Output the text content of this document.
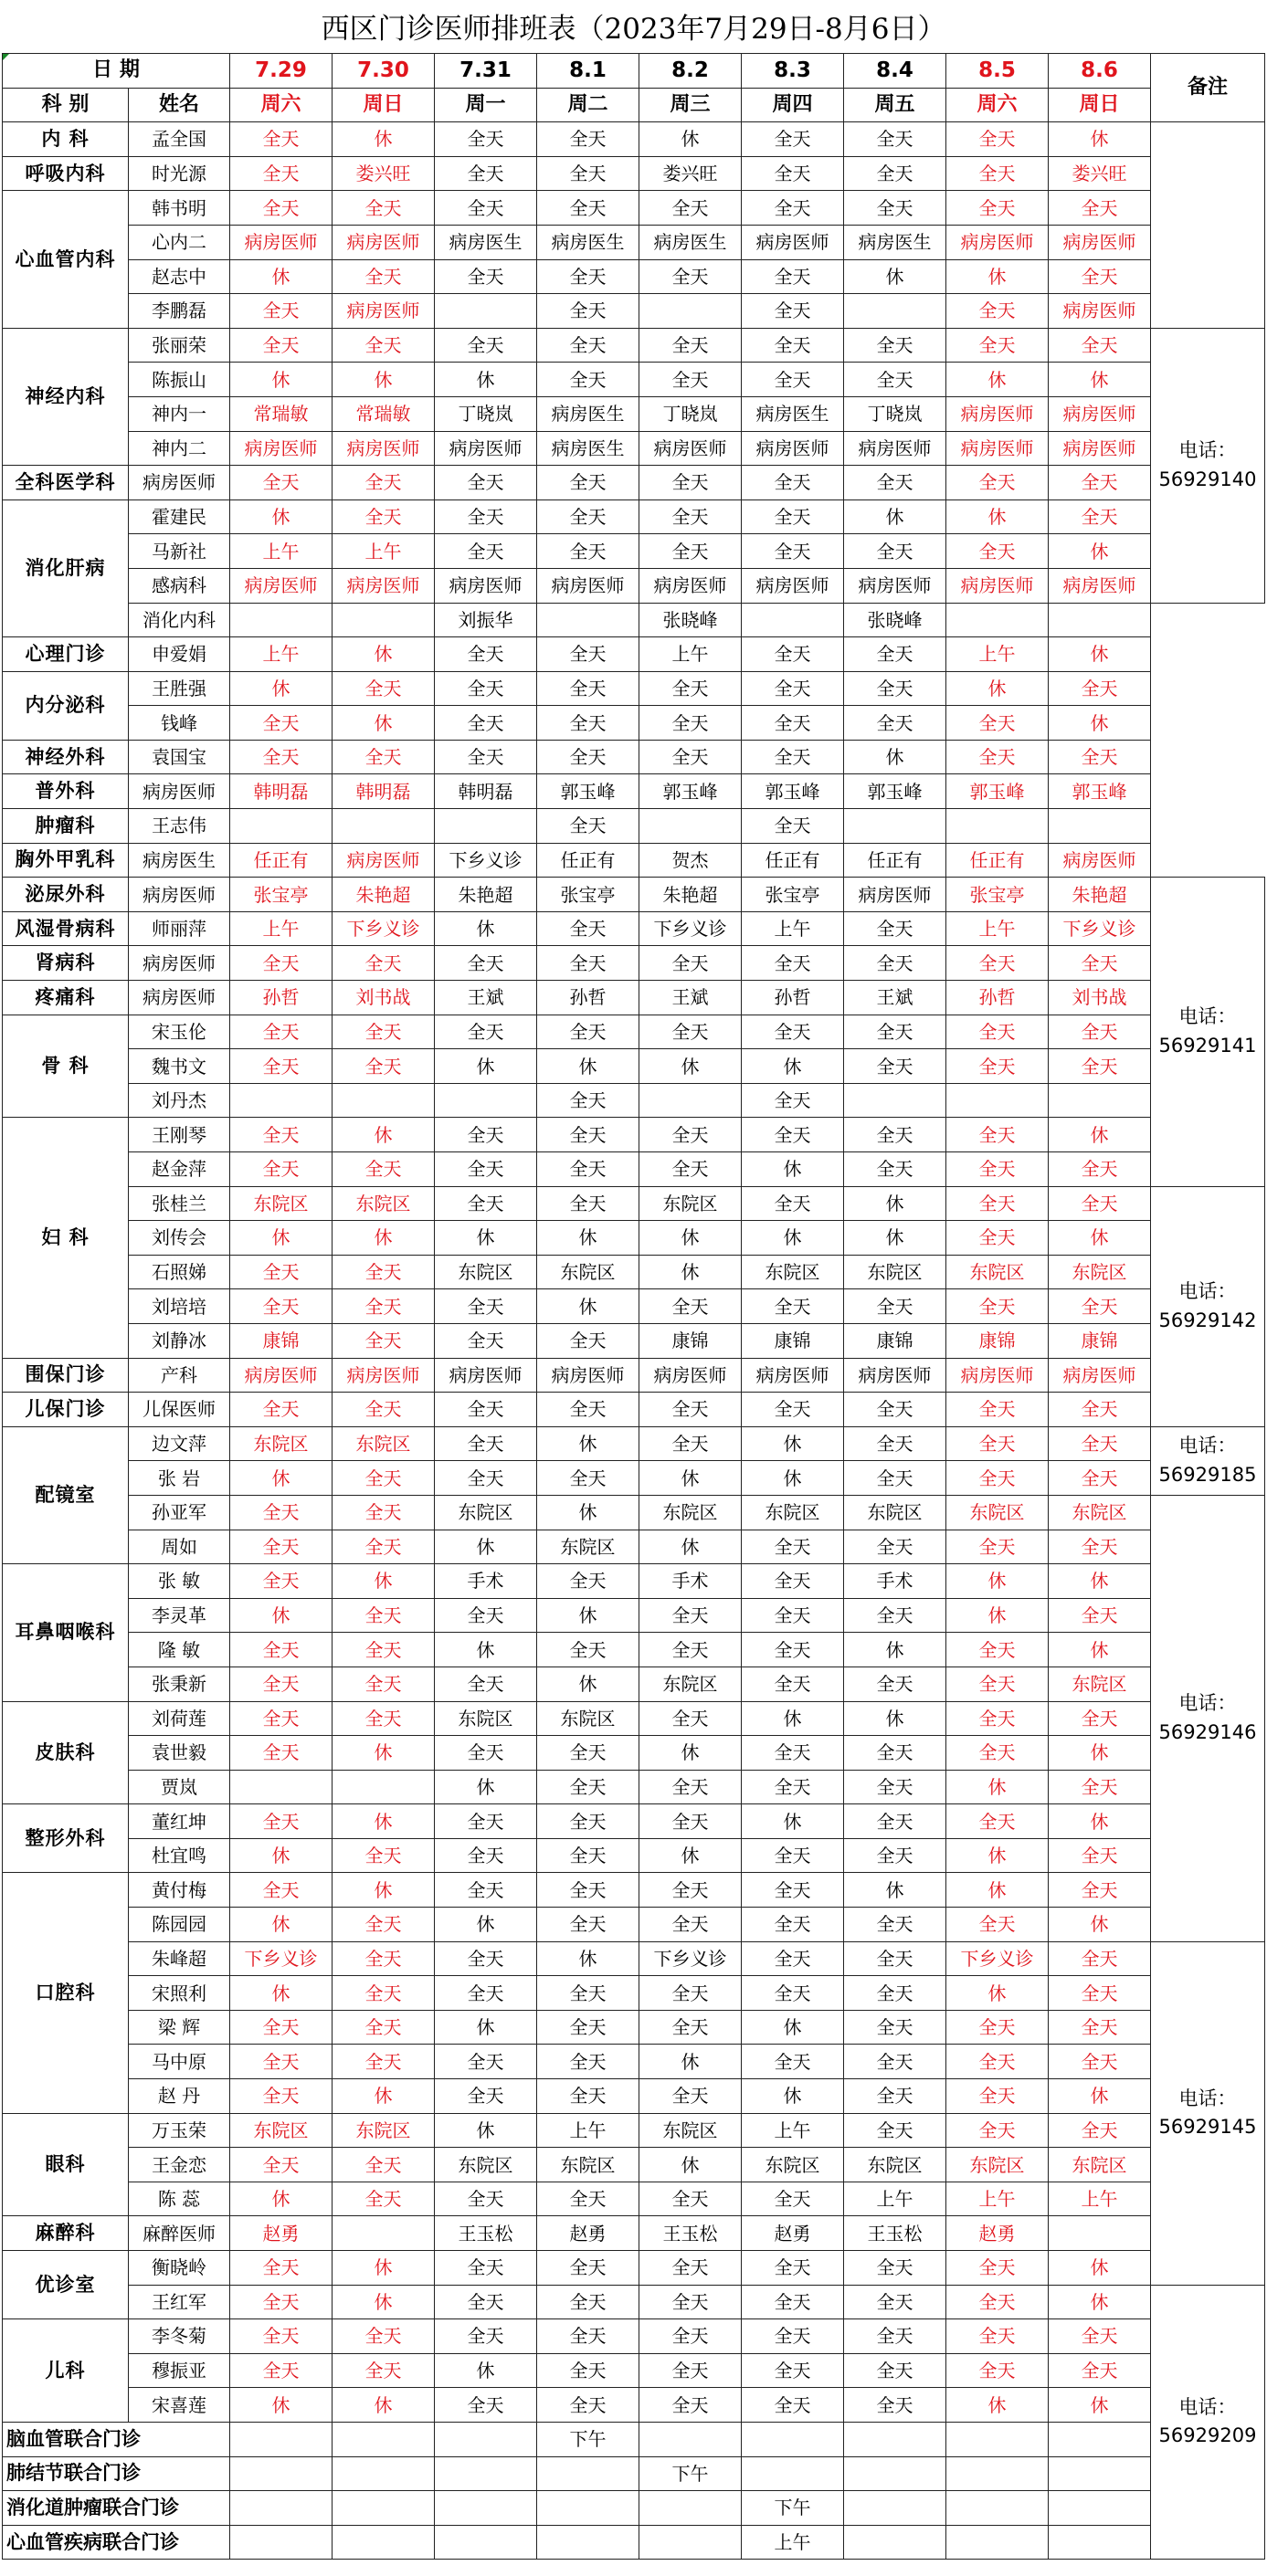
西区门诊医师排班表（2023年7月29日-8月6日）
日 期		7.29	7.30	7.31	8.1	8.2	8.3	8.4	8.5	8.6	备注
科 别	姓名	周六	周日	周一	周二	周三	周四	周五	周六	周日	
内 科	孟全国	全天	休	全天	全天	休	全天	全天	全天	休	
呼吸内科	时光源	全天	娄兴旺	全天	全天	娄兴旺	全天	全天	全天	娄兴旺	
心血管内科	韩书明	全天	全天	全天	全天	全天	全天	全天	全天	全天	
	心内二	病房医师	病房医师	病房医生	病房医生	病房医生	病房医师	病房医生	病房医师	病房医师	
	赵志中	休	全天	全天	全天	全天	全天	休	休	全天	
	李鹏磊	全天	病房医师		全天		全天		全天	病房医师	
神经内科	张丽荣	全天	全天	全天	全天	全天	全天	全天	全天	全天	电话：56929140
	陈振山	休	休	休	全天	全天	全天	全天	休	休	
	神内一	常瑞敏	常瑞敏	丁晓岚	病房医生	丁晓岚	病房医生	丁晓岚	病房医师	病房医师	
	神内二	病房医师	病房医师	病房医师	病房医生	病房医师	病房医师	病房医师	病房医师	病房医师	
全科医学科	病房医师	全天	全天	全天	全天	全天	全天	全天	全天	全天	
消化肝病	霍建民	休	全天	全天	全天	全天	全天	休	休	全天	
	马新社	上午	上午	全天	全天	全天	全天	全天	全天	休	
	感病科	病房医师	病房医师	病房医师	病房医师	病房医师	病房医师	病房医师	病房医师	病房医师	
	消化内科			刘振华		张晓峰		张晓峰			
心理门诊	申爱娟	上午	休	全天	全天	上午	全天	全天	上午	休	
内分泌科	王胜强	休	全天	全天	全天	全天	全天	全天	休	全天	
	钱峰	全天	休	全天	全天	全天	全天	全天	全天	休	
神经外科	袁国宝	全天	全天	全天	全天	全天	全天	休	全天	全天	
普外科	病房医师	韩明磊	韩明磊	韩明磊	郭玉峰	郭玉峰	郭玉峰	郭玉峰	郭玉峰	郭玉峰	
肿瘤科	王志伟				全天		全天				
胸外甲乳科	病房医生	任正有	病房医师	下乡义诊	任正有	贺杰	任正有	任正有	任正有	病房医师	
泌尿外科	病房医师	张宝亭	朱艳超	朱艳超	张宝亭	朱艳超	张宝亭	病房医师	张宝亭	朱艳超	电话：56929141
风湿骨病科	师丽萍	上午	下乡义诊	休	全天	下乡义诊	上午	全天	上午	下乡义诊	
肾病科	病房医师	全天	全天	全天	全天	全天	全天	全天	全天	全天	
疼痛科	病房医师	孙哲	刘书战	王斌	孙哲	王斌	孙哲	王斌	孙哲	刘书战	
骨 科	宋玉伦	全天	全天	全天	全天	全天	全天	全天	全天	全天	
	魏书文	全天	全天	休	休	休	休	全天	全天	全天	
	刘丹杰				全天		全天				
妇 科	王刚琴	全天	休	全天	全天	全天	全天	全天	全天	休	
	赵金萍	全天	全天	全天	全天	全天	休	全天	全天	全天	
	张桂兰	东院区	东院区	全天	全天	东院区	全天	休	全天	全天	电话：56929142
	刘传会	休	休	休	休	休	休	休	全天	休	
	石照娣	全天	全天	东院区	东院区	休	东院区	东院区	东院区	东院区	
	刘培培	全天	全天	全天	休	全天	全天	全天	全天	全天	
	刘静冰	康锦	全天	全天	全天	康锦	康锦	康锦	康锦	康锦	
围保门诊	产科	病房医师	病房医师	病房医师	病房医师	病房医师	病房医师	病房医师	病房医师	病房医师	
儿保门诊	儿保医师	全天	全天	全天	全天	全天	全天	全天	全天	全天	
配镜室	边文萍	东院区	东院区	全天	休	全天	休	全天	全天	全天	电话：56929185
	张 岩	休	全天	全天	全天	休	休	全天	全天	全天	
	孙亚军	全天	全天	东院区	休	东院区	东院区	东院区	东院区	东院区	电话：56929146
	周如	全天	全天	休	东院区	休	全天	全天	全天	全天	
耳鼻咽喉科	张 敏	全天	休	手术	全天	手术	全天	手术	休	休	
	李灵革	休	全天	全天	休	全天	全天	全天	休	全天	
	隆 敏	全天	全天	休	全天	全天	全天	休	全天	休	
	张秉新	全天	全天	全天	休	东院区	全天	全天	全天	东院区	
皮肤科	刘荷莲	全天	全天	东院区	东院区	全天	休	休	全天	全天	
	袁世毅	全天	休	全天	全天	休	全天	全天	全天	休	
	贾岚			休	全天	全天	全天	全天	休	全天	
整形外科	董红坤	全天	休	全天	全天	全天	休	全天	全天	休	
	杜宜鸣	休	全天	全天	全天	休	全天	全天	休	全天	
口腔科	黄付梅	全天	休	全天	全天	全天	全天	休	休	全天	
	陈园园	休	全天	休	全天	全天	全天	全天	全天	休	
	朱峰超	下乡义诊	全天	全天	休	下乡义诊	全天	全天	下乡义诊	全天	电话：56929145
	宋照利	休	全天	全天	全天	全天	全天	全天	休	全天	
	梁 辉	全天	全天	休	全天	全天	休	全天	全天	全天	
	马中原	全天	全天	全天	全天	休	全天	全天	全天	全天	
	赵 丹	全天	休	全天	全天	全天	休	全天	全天	休	
眼科	万玉荣	东院区	东院区	休	上午	东院区	上午	全天	全天	全天	
	王金恋	全天	全天	东院区	东院区	休	东院区	东院区	东院区	东院区	
	陈 蕊	休	全天	全天	全天	全天	全天	上午	上午	上午	
麻醉科	麻醉医师	赵勇		王玉松	赵勇	王玉松	赵勇	王玉松	赵勇		
优诊室	衡晓岭	全天	休	全天	全天	全天	全天	全天	全天	休	
	王红军	全天	休	全天	全天	全天	全天	全天	全天	休	电话：56929209
儿科	李冬菊	全天	全天	全天	全天	全天	全天	全天	全天	全天	
	穆振亚	全天	全天	休	全天	全天	全天	全天	全天	全天	
	宋喜莲	休	休	全天	全天	全天	全天	全天	休	休	
脑血管联合门诊					下午						
肺结节联合门诊						下午					
消化道肿瘤联合门诊							下午				
心血管疾病联合门诊							上午				
